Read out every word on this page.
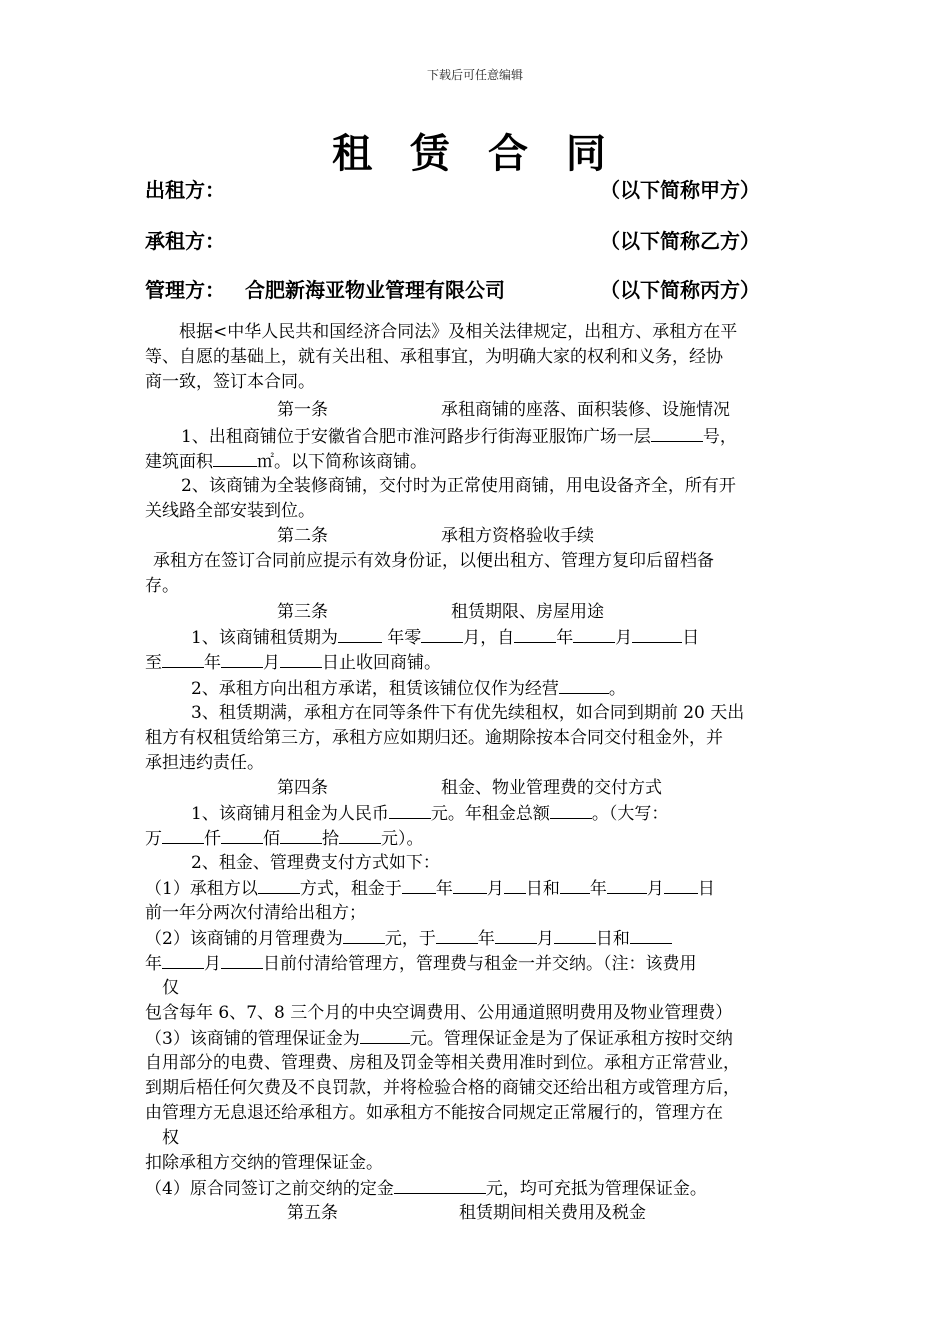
下载后可任意编辑
租 赁 合 同
出租方：	（以下简称甲方）
承租方：	（以下简称乙方）
管理方： 合肥新海亚物业管理有限公司	（以下简称丙方）
根据<中华人民共和国经济合同法》及相关法律规定，出租方、承租方在平
等、自愿的基础上，就有关出租、承租事宜，为明确大家的权利和义务，经协
商一致，签订本合同。
第一条	承租商铺的座落、面积装修、设施情况
1、出租商铺位于安徽省合肥市淮河路步行街海亚服饰广场一层	号，
建筑面积	㎡。以下简称该商铺。
2、该商铺为全装修商铺，交付时为正常使用商铺，用电设备齐全，所有开
关线路全部安装到位。
第二条	承租方资格验收手续
承租方在签订合同前应提示有效身份证，以便出租方、管理方复印后留档备
存。
第三条	租赁期限、房屋用途
1、该商铺租赁期为	年零 月，自 年 月	日
至 年 月 日止收回商铺。
2、承租方向出租方承诺，租赁该铺位仅作为经营	。
3、租赁期满，承租方在同等条件下有优先续租权，如合同到期前 20 天出
租方有权租赁给第三方，承租方应如期归还。逾期除按本合同交付租金外，并
承担违约责任。
第四条	租金、物业管理费的交付方式
1、该商铺月租金为人民币 元。年租金总额 。（大写：
万 仟 佰 拾 元）。
2、租金、管理费支付方式如下：
（1）承租方以 方式，租金于 年 月 日和 年 月 日
前一年分两次付清给出租方；
（2）该商铺的月管理费为 元，于 年 月 日和
年 月 日前付清给管理方，管理费与租金一并交纳。（注：该费用
仅
包含每年 6、7、8 三个月的中央空调费用、公用通道照明费用及物业管理费）
（3）该商铺的管理保证金为	元。管理保证金是为了保证承租方按时交纳
自用部分的电费、管理费、房租及罚金等相关费用准时到位。承租方正常营业，
到期后梧任何欠费及不良罚款，并将检验合格的商铺交还给出租方或管理方后，
由管理方无息退还给承租方。如承租方不能按合同规定正常履行的，管理方在
权
扣除承租方交纳的管理保证金。
（4）原合同签订之前交纳的定金	元，均可充抵为管理保证金。
第五条	租赁期间相关费用及税金
